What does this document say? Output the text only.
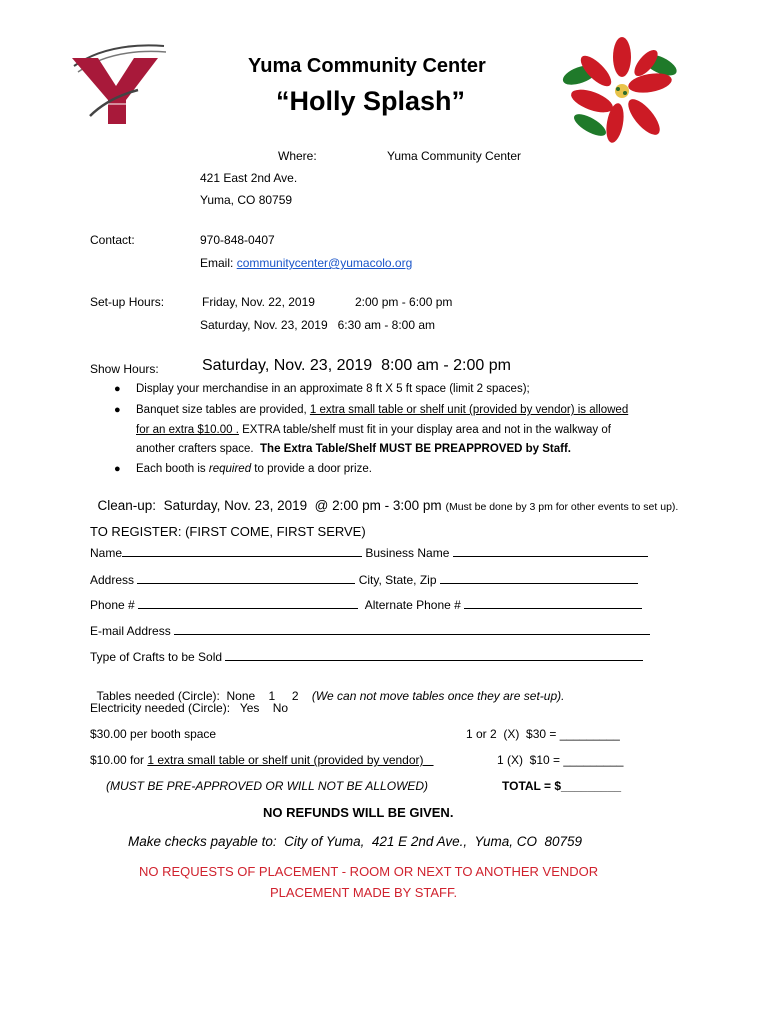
Yuma Community Center
“Holly Splash”
Where:	Yuma Community Center
421 East 2nd Ave.
Yuma, CO 80759
Contact:	970-848-0407
Email: communitycenter@yumacolo.org
Set-up Hours:	Friday, Nov. 22, 2019	2:00 pm - 6:00 pm
Saturday, Nov. 23, 2019   6:30 am - 8:00 am
Show Hours:	Saturday, Nov. 23, 2019  8:00 am - 2:00 pm
● Display your merchandise in an approximate 8 ft X 5 ft space (limit 2 spaces);
● Banquet size tables are provided, 1 extra small table or shelf unit (provided by vendor) is allowed
for an extra $10.00 . EXTRA table/shelf must fit in your display area and not in the walkway of
another crafters space.  The Extra Table/Shelf MUST BE PREAPPROVED by Staff.
● Each booth is required to provide a door prize.

Clean-up: Saturday, Nov. 23, 2019  @ 2:00 pm - 3:00 pm (Must be done by 3 pm for other events to set up).

TO REGISTER: (FIRST COME, FIRST SERVE)
Name	Business Name
Address	City, State, Zip
Phone #	Alternate Phone #
E-mail Address
Type of Crafts to be Sold

Tables needed (Circle):  None    1     2 (We can not move tables once they are set-up).

Electricity needed (Circle):   Yes    No
$30.00 per booth space	1 or 2  (X)  $30 = _________
$10.00 for 1 extra small table or shelf unit (provided by vendor)	1 (X)  $10 = _________
(MUST BE PRE-APPROVED OR WILL NOT BE ALLOWED)	TOTAL = $_________
NO REFUNDS WILL BE GIVEN.
Make checks payable to:  City of Yuma,  421 E 2nd Ave.,  Yuma, CO  80759
NO REQUESTS OF PLACEMENT - ROOM OR NEXT TO ANOTHER VENDOR
PLACEMENT MADE BY STAFF.
